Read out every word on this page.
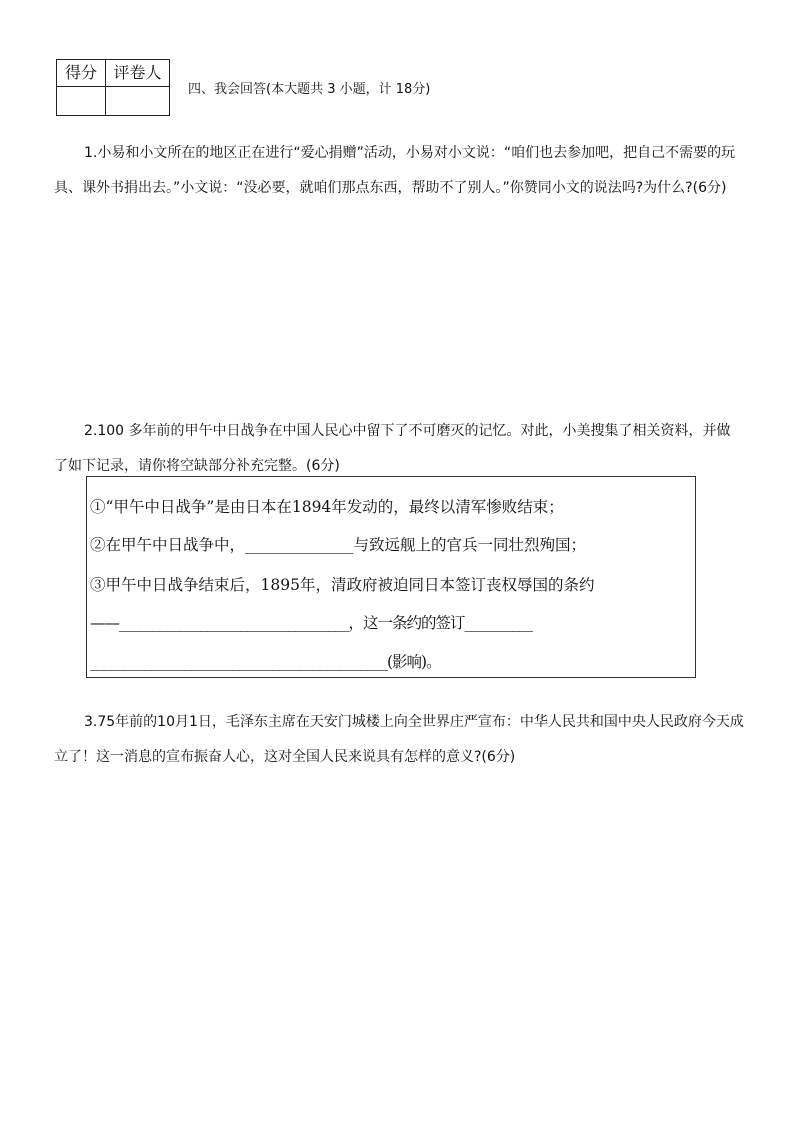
得分	评卷人

四、我会回答(本大题共 3 小题，计 18分)

1.小易和小文所在的地区正在进行“爱心捐赠”活动，小易对小文说：“咱们也去参加吧，把自己不需要的玩具、课外书捐出去。”小文说：“没必要，就咱们那点东西，帮助不了别人。”你赞同小文的说法吗?为什么?(6分)

2.100 多年前的甲午中日战争在中国人民心中留下了不可磨灭的记忆。对此，小美搜集了相关资料，并做了如下记录，请你将空缺部分补充完整。(6分)

①“甲午中日战争”是由日本在1894年发动的，最终以清军惨败结束；
②在甲午中日战争中，______________与致远舰上的官兵一同壮烈殉国；
③甲午中日战争结束后，1895年，清政府被迫同日本签订丧权辱国的条约
——__________________________________，这一条约的签订__________
____________________________________________(影响)。

3.75年前的10月1日，毛泽东主席在天安门城楼上向全世界庄严宣布：中华人民共和国中央人民政府今天成立了！这一消息的宣布振奋人心，这对全国人民来说具有怎样的意义?(6分)
